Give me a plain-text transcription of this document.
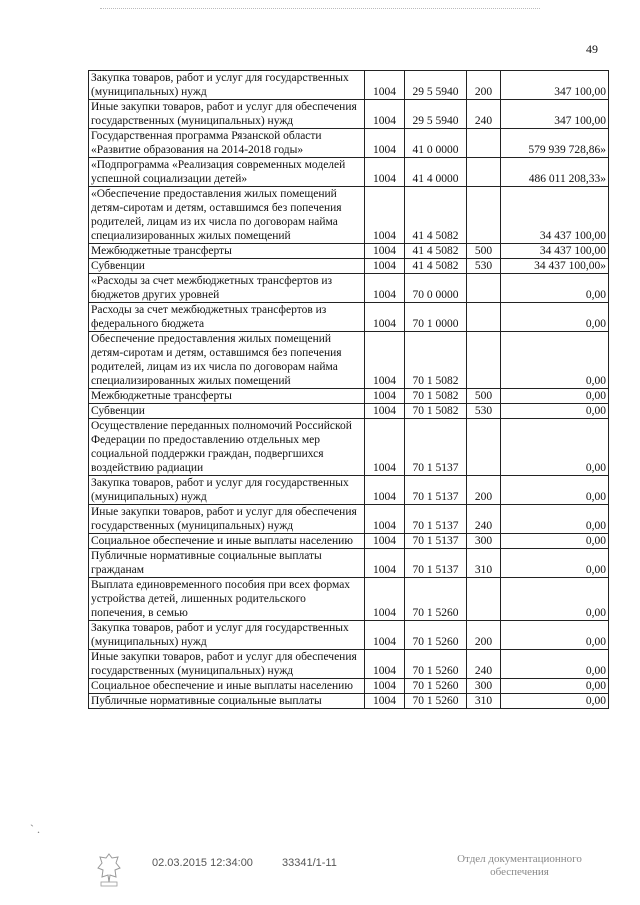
49
Закупка товаров, работ и услуг для государственных (муниципальных) нужд	1004	29 5 5940	200	347 100,00
Иные закупки товаров, работ и услуг для обеспечения государственных (муниципальных) нужд	1004	29 5 5940	240	347 100,00
Государственная программа Рязанской области «Развитие образования на 2014-2018 годы»	1004	41 0 0000		579 939 728,86»
«Подпрограмма «Реализация современных моделей успешной социализации детей»	1004	41 4 0000		486 011 208,33»
«Обеспечение предоставления жилых помещений детям-сиротам и детям, оставшимся без попечения родителей, лицам из их числа по договорам найма специализированных жилых помещений	1004	41 4 5082		34 437 100,00
Межбюджетные трансферты	1004	41 4 5082	500	34 437 100,00
Субвенции	1004	41 4 5082	530	34 437 100,00»
«Расходы за счет межбюджетных трансфертов из бюджетов других уровней	1004	70 0 0000		0,00
Расходы за счет межбюджетных трансфертов из федерального бюджета	1004	70 1 0000		0,00
Обеспечение предоставления жилых помещений детям-сиротам и детям, оставшимся без попечения родителей, лицам из их числа по договорам найма специализированных жилых помещений	1004	70 1 5082		0,00
Межбюджетные трансферты	1004	70 1 5082	500	0,00
Субвенции	1004	70 1 5082	530	0,00
Осуществление переданных полномочий Российской Федерации по предоставлению отдельных мер социальной поддержки граждан, подвергшихся воздействию радиации	1004	70 1 5137		0,00
Закупка товаров, работ и услуг для государственных (муниципальных) нужд	1004	70 1 5137	200	0,00
Иные закупки товаров, работ и услуг для обеспечения государственных (муниципальных) нужд	1004	70 1 5137	240	0,00
Социальное обеспечение и иные выплаты населению	1004	70 1 5137	300	0,00
Публичные нормативные социальные выплаты гражданам	1004	70 1 5137	310	0,00
Выплата единовременного пособия при всех формах устройства детей, лишенных родительского попечения, в семью	1004	70 1 5260		0,00
Закупка товаров, работ и услуг для государственных (муниципальных) нужд	1004	70 1 5260	200	0,00
Иные закупки товаров, работ и услуг для обеспечения государственных (муниципальных) нужд	1004	70 1 5260	240	0,00
Социальное обеспечение и иные выплаты населению	1004	70 1 5260	300	0,00
Публичные нормативные социальные выплаты	1004	70 1 5260	310	0,00
` .
02.03.2015 12:34:00	33341/1-11	Отдел документационного
обеспечения
